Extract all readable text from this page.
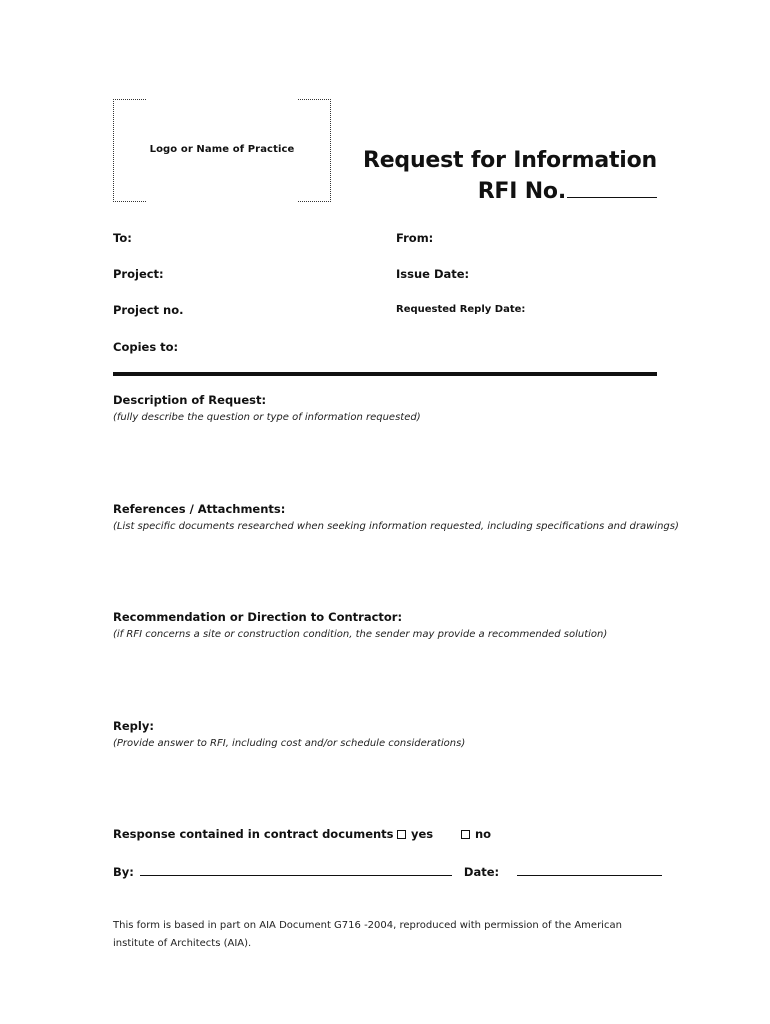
Logo or Name of Practice	Request for Information
RFI No.
To:	From:
Project:	Issue Date:
Project no.	Requested Reply Date:
Copies to:
Description of Request:
(fully describe the question or type of information requested)
References / Attachments:
(List specific documents researched when seeking information requested, including specifications and drawings)
Recommendation or Direction to Contractor:
(if RFI concerns a site or construction condition, the sender may provide a recommended solution)
Reply:
(Provide answer to RFI, including cost and/or schedule considerations)
Response contained in contract documents	yes	no
By:	Date:
This form is based in part on AIA Document G716 -2004, reproduced with permission of the American institute of Architects (AIA).
